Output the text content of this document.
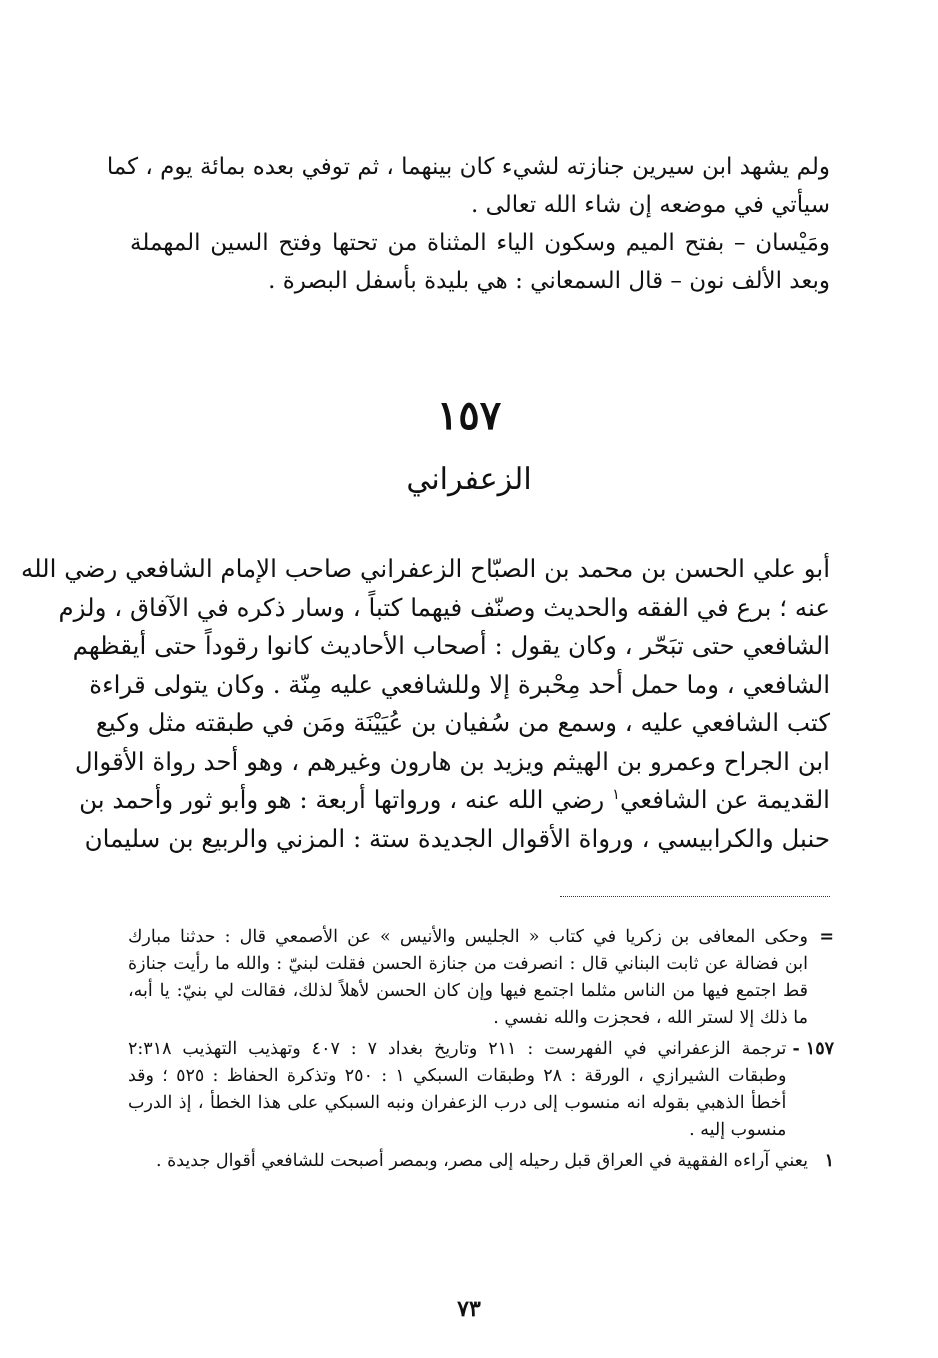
ولم يشهد ابن سيرين جنازته لشيء كان بينهما ، ثم توفي بعده بمائة يوم ، كما
سيأتي في موضعه إن شاء الله تعالى .
ومَيْسان – بفتح الميم وسكون الياء المثناة من تحتها وفتح السين المهملة
وبعد الألف نون – قال السمعاني : هي بليدة بأسفل البصرة .
١٥٧
الزعفراني
أبو علي الحسن بن محمد بن الصبّاح الزعفراني صاحب الإمام الشافعي رضي الله
عنه ؛ برع في الفقه والحديث وصنّف فيهما كتباً ، وسار ذكره في الآفاق ، ولزم
الشافعي حتى تبَحّر ، وكان يقول : أصحاب الأحاديث كانوا رقوداً حتى أيقظهم
الشافعي ، وما حمل أحد مِحْبرة إلا وللشافعي عليه مِنّة . وكان يتولى قراءة
كتب الشافعي عليه ، وسمع من سُفيان بن عُيَيْنَة ومَن في طبقته مثل وكيع
ابن الجراح وعمرو بن الهيثم ويزيد بن هارون وغيرهم ، وهو أحد رواة الأقوال
القديمة عن الشافعي$^١$ رضي الله عنه ، ورواتها أربعة : هو وأبو ثور وأحمد بن
حنبل والكرابيسي ، ورواة الأقوال الجديدة ستة : المزني والربيع بن سليمان
=
وحكى المعافى بن زكريا في كتاب « الجليس والأنيس » عن الأصمعي قال : حدثنا مبارك
ابن فضالة عن ثابت البناني قال : انصرفت من جنازة الحسن فقلت لبنيّ : والله ما رأيت جنازة
قط اجتمع فيها من الناس مثلما اجتمع فيها وإن كان الحسن لأهلاً لذلك، فقالت لي بنيّ: يا أبه،
ما ذلك إلا لستر الله ، فحجزت والله نفسي .
١٥٧ -
ترجمة الزعفراني في الفهرست : ٢١١ وتاريخ بغداد ٧ : ٤٠٧ وتهذيب التهذيب ٢:٣١٨
وطبقات الشيرازي ، الورقة : ٢٨ وطبقات السبكي ١ : ٢٥٠ وتذكرة الحفاظ : ٥٢٥ ؛ وقد
أخطأ الذهبي بقوله انه منسوب إلى درب الزعفران ونبه السبكي على هذا الخطأ ، إذ الدرب
منسوب إليه .
١
يعني آراءه الفقهية في العراق قبل رحيله إلى مصر، وبمصر أصبحت للشافعي أقوال جديدة .
٧٣
